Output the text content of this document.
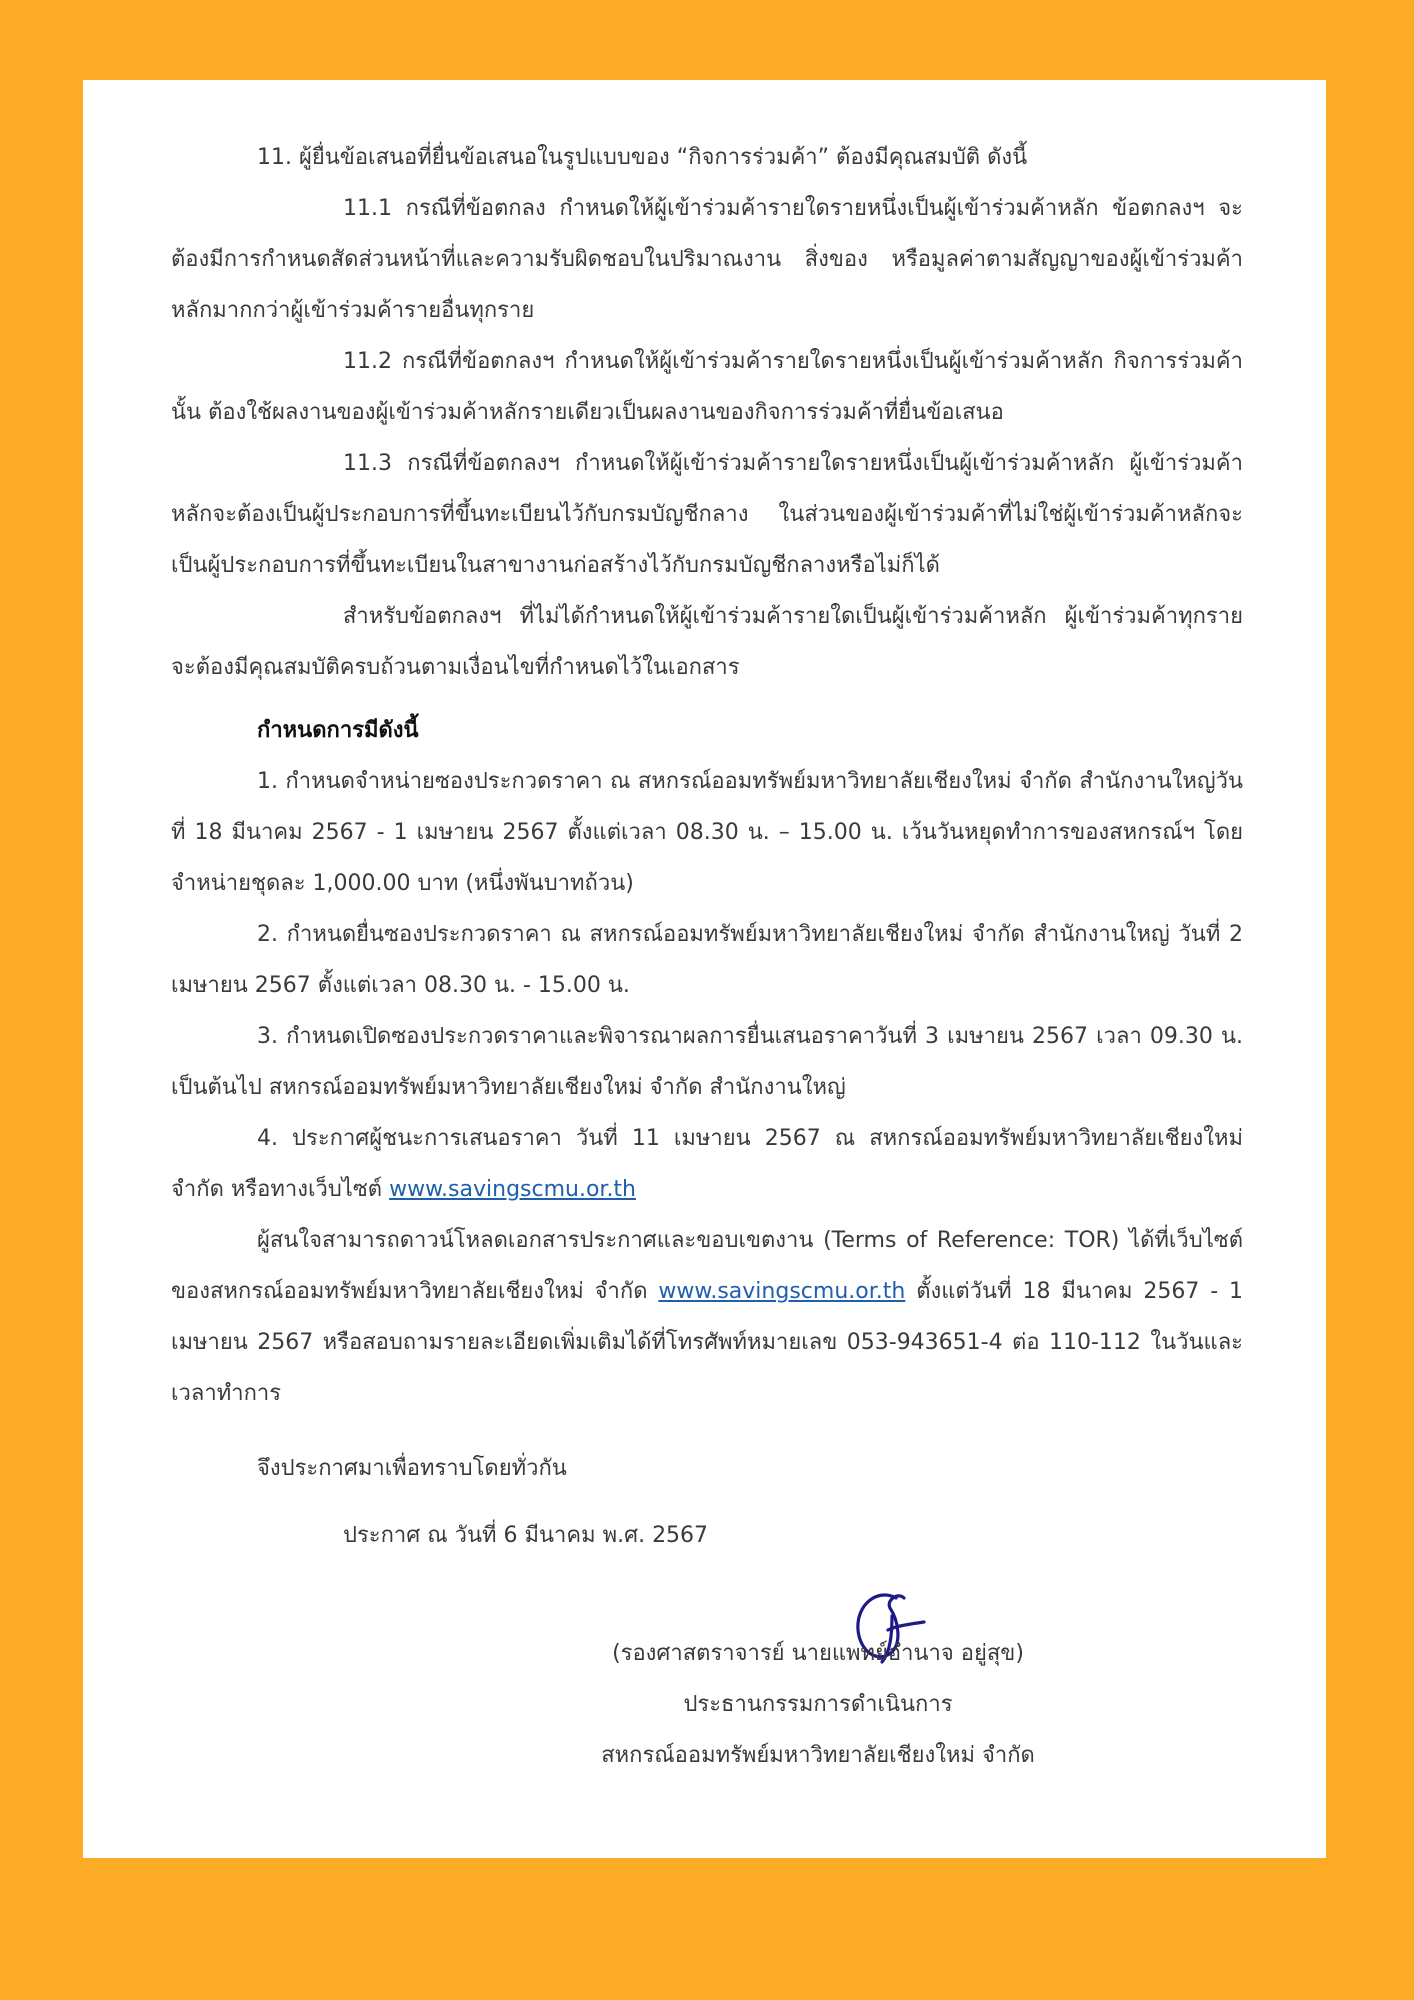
11. ผู้ยื่นข้อเสนอที่ยื่นข้อเสนอในรูปแบบของ “กิจการร่วมค้า” ต้องมีคุณสมบัติ ดังนี้

11.1 กรณีที่ข้อตกลง กำหนดให้ผู้เข้าร่วมค้ารายใดรายหนึ่งเป็นผู้เข้าร่วมค้าหลัก ข้อตกลงฯ จะต้องมีการกำหนดสัดส่วนหน้าที่และความรับผิดชอบในปริมาณงาน สิ่งของ หรือมูลค่าตามสัญญาของผู้เข้าร่วมค้าหลักมากกว่าผู้เข้าร่วมค้ารายอื่นทุกราย

11.2 กรณีที่ข้อตกลงฯ กำหนดให้ผู้เข้าร่วมค้ารายใดรายหนึ่งเป็นผู้เข้าร่วมค้าหลัก กิจการร่วมค้านั้น ต้องใช้ผลงานของผู้เข้าร่วมค้าหลักรายเดียวเป็นผลงานของกิจการร่วมค้าที่ยื่นข้อเสนอ

11.3 กรณีที่ข้อตกลงฯ กำหนดให้ผู้เข้าร่วมค้ารายใดรายหนึ่งเป็นผู้เข้าร่วมค้าหลัก ผู้เข้าร่วมค้าหลักจะต้องเป็นผู้ประกอบการที่ขึ้นทะเบียนไว้กับกรมบัญชีกลาง ในส่วนของผู้เข้าร่วมค้าที่ไม่ใช่ผู้เข้าร่วมค้าหลักจะเป็นผู้ประกอบการที่ขึ้นทะเบียนในสาขางานก่อสร้างไว้กับกรมบัญชีกลางหรือไม่ก็ได้

สำหรับข้อตกลงฯ ที่ไม่ได้กำหนดให้ผู้เข้าร่วมค้ารายใดเป็นผู้เข้าร่วมค้าหลัก ผู้เข้าร่วมค้าทุกราย จะต้องมีคุณสมบัติครบถ้วนตามเงื่อนไขที่กำหนดไว้ในเอกสาร

กำหนดการมีดังนี้

1. กำหนดจำหน่ายซองประกวดราคา ณ สหกรณ์ออมทรัพย์มหาวิทยาลัยเชียงใหม่ จำกัด สำนักงานใหญ่วันที่ 18 มีนาคม 2567 - 1 เมษายน 2567 ตั้งแต่เวลา 08.30 น. – 15.00 น. เว้นวันหยุดทำการของสหกรณ์ฯ โดยจำหน่ายชุดละ 1,000.00 บาท (หนึ่งพันบาทถ้วน)

2. กำหนดยื่นซองประกวดราคา ณ สหกรณ์ออมทรัพย์มหาวิทยาลัยเชียงใหม่ จำกัด สำนักงานใหญ่ วันที่ 2 เมษายน 2567 ตั้งแต่เวลา 08.30 น. - 15.00 น.

3. กำหนดเปิดซองประกวดราคาและพิจารณาผลการยื่นเสนอราคาวันที่ 3 เมษายน 2567 เวลา 09.30 น. เป็นต้นไป สหกรณ์ออมทรัพย์มหาวิทยาลัยเชียงใหม่ จำกัด สำนักงานใหญ่

4. ประกาศผู้ชนะการเสนอราคา วันที่ 11 เมษายน 2567 ณ สหกรณ์ออมทรัพย์มหาวิทยาลัยเชียงใหม่ จำกัด หรือทางเว็บไซต์ www.savingscmu.or.th

ผู้สนใจสามารถดาวน์โหลดเอกสารประกาศและขอบเขตงาน (Terms of Reference: TOR) ได้ที่เว็บไซต์ของสหกรณ์ออมทรัพย์มหาวิทยาลัยเชียงใหม่ จำกัด www.savingscmu.or.th ตั้งแต่วันที่ 18 มีนาคม 2567 - 1 เมษายน 2567 หรือสอบถามรายละเอียดเพิ่มเติมได้ที่โทรศัพท์หมายเลข 053-943651-4 ต่อ 110-112 ในวันและเวลาทำการ

จึงประกาศมาเพื่อทราบโดยทั่วกัน

ประกาศ ณ วันที่ 6 มีนาคม พ.ศ. 2567

(รองศาสตราจารย์ นายแพทย์อำนาจ อยู่สุข)

ประธานกรรมการดำเนินการ

สหกรณ์ออมทรัพย์มหาวิทยาลัยเชียงใหม่ จำกัด
